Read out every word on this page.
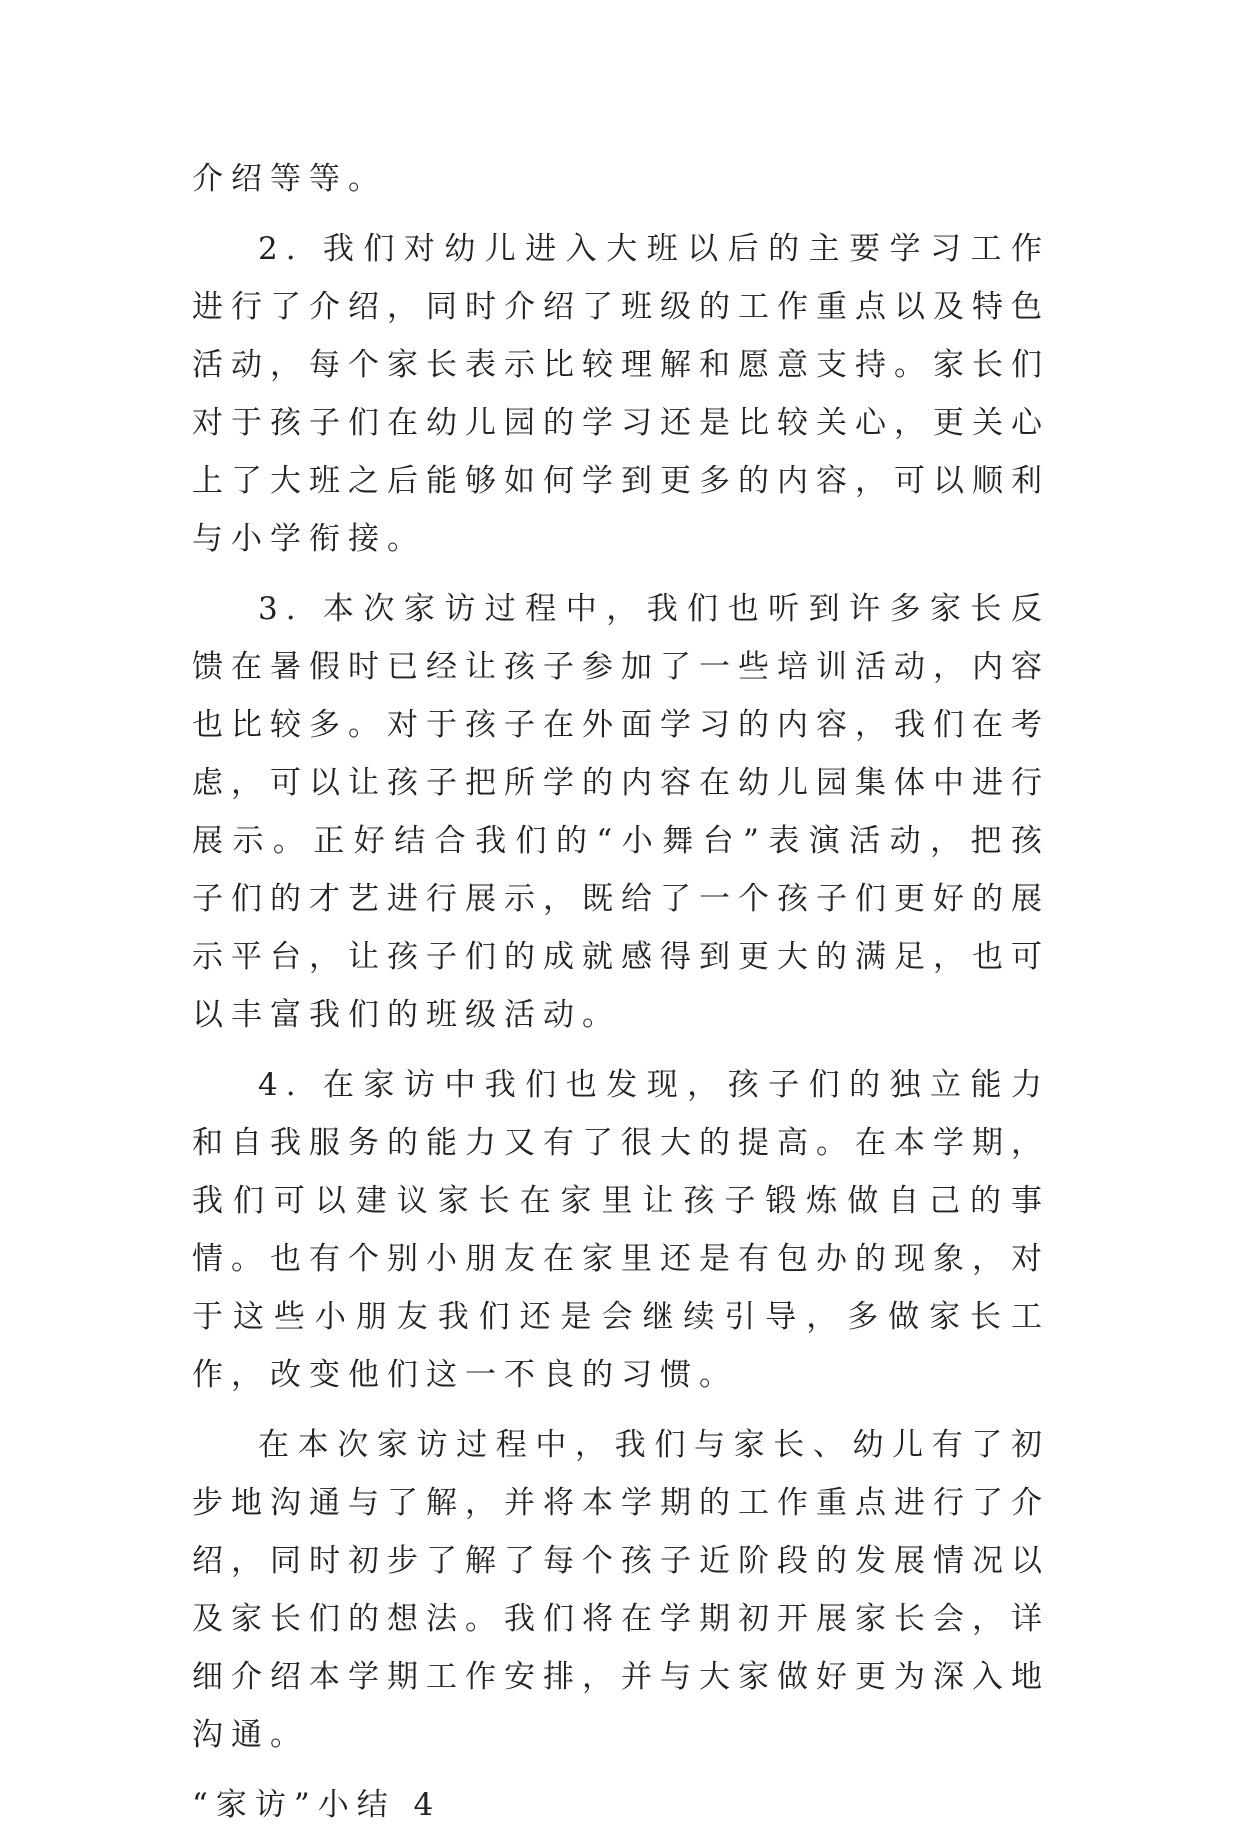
介绍等等。

2. 我们对幼儿进入大班以后的主要学习工作进行了介绍，同时介绍了班级的工作重点以及特色活动，每个家长表示比较理解和愿意支持。家长们对于孩子们在幼儿园的学习还是比较关心，更关心上了大班之后能够如何学到更多的内容，可以顺利与小学衔接。

3. 本次家访过程中，我们也听到许多家长反馈在暑假时已经让孩子参加了一些培训活动，内容也比较多。对于孩子在外面学习的内容，我们在考虑，可以让孩子把所学的内容在幼儿园集体中进行展示。正好结合我们的“小舞台”表演活动，把孩子们的才艺进行展示，既给了一个孩子们更好的展示平台，让孩子们的成就感得到更大的满足，也可以丰富我们的班级活动。

4. 在家访中我们也发现，孩子们的独立能力和自我服务的能力又有了很大的提高。在本学期，我们可以建议家长在家里让孩子锻炼做自己的事情。也有个别小朋友在家里还是有包办的现象，对于这些小朋友我们还是会继续引导，多做家长工作，改变他们这一不良的习惯。

在本次家访过程中，我们与家长、幼儿有了初步地沟通与了解，并将本学期的工作重点进行了介绍，同时初步了解了每个孩子近阶段的发展情况以及家长们的想法。我们将在学期初开展家长会，详细介绍本学期工作安排，并与大家做好更为深入地沟通。

“家访”小结 4
